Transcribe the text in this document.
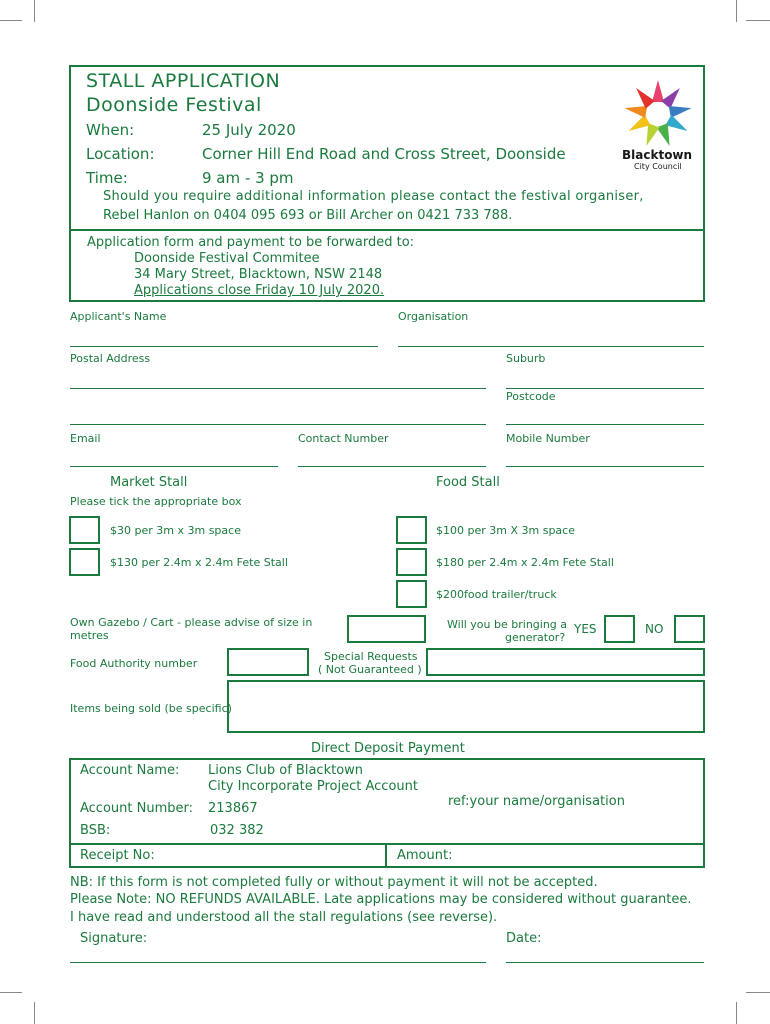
STALL APPLICATION
Doonside Festival
When:	25 July 2020
Location:	Corner Hill End Road and Cross Street, Doonside
Time:	9 am - 3 pm
Should you require additional information please contact the festival organiser,
Rebel Hanlon on 0404 095 693 or Bill Archer on 0421 733 788.
Blacktown
City Council
Application form and payment to be forwarded to:
Doonside Festival Commitee
34 Mary Street, Blacktown, NSW 2148
Applications close Friday 10 July 2020.
Applicant's Name	Organisation
Postal Address	Suburb
Postcode
Email	Contact Number	Mobile Number
Market Stall	Food Stall
Please tick the appropriate box
$30 per 3m x 3m space
$130 per 2.4m x 2.4m Fete Stall
$100 per 3m X 3m space
$180 per 2.4m x 2.4m Fete Stall
$200food trailer/truck
Own Gazebo / Cart - please advise of size in
metres
Will you be bringing a
generator?
YES	NO
Food Authority number
Special Requests
( Not Guaranteed )
Items being sold (be specific)
Direct Deposit Payment
Account Name: Lions Club of Blacktown
City Incorporate Project Account
Account Number: 213867
BSB:	032 382
ref:your name/organisation
Receipt No:	Amount:
NB: If this form is not completed fully or without payment it will not be accepted.
Please Note: NO REFUNDS AVAILABLE. Late applications may be considered without guarantee.
I have read and understood all the stall regulations (see reverse).
Signature:	Date:
